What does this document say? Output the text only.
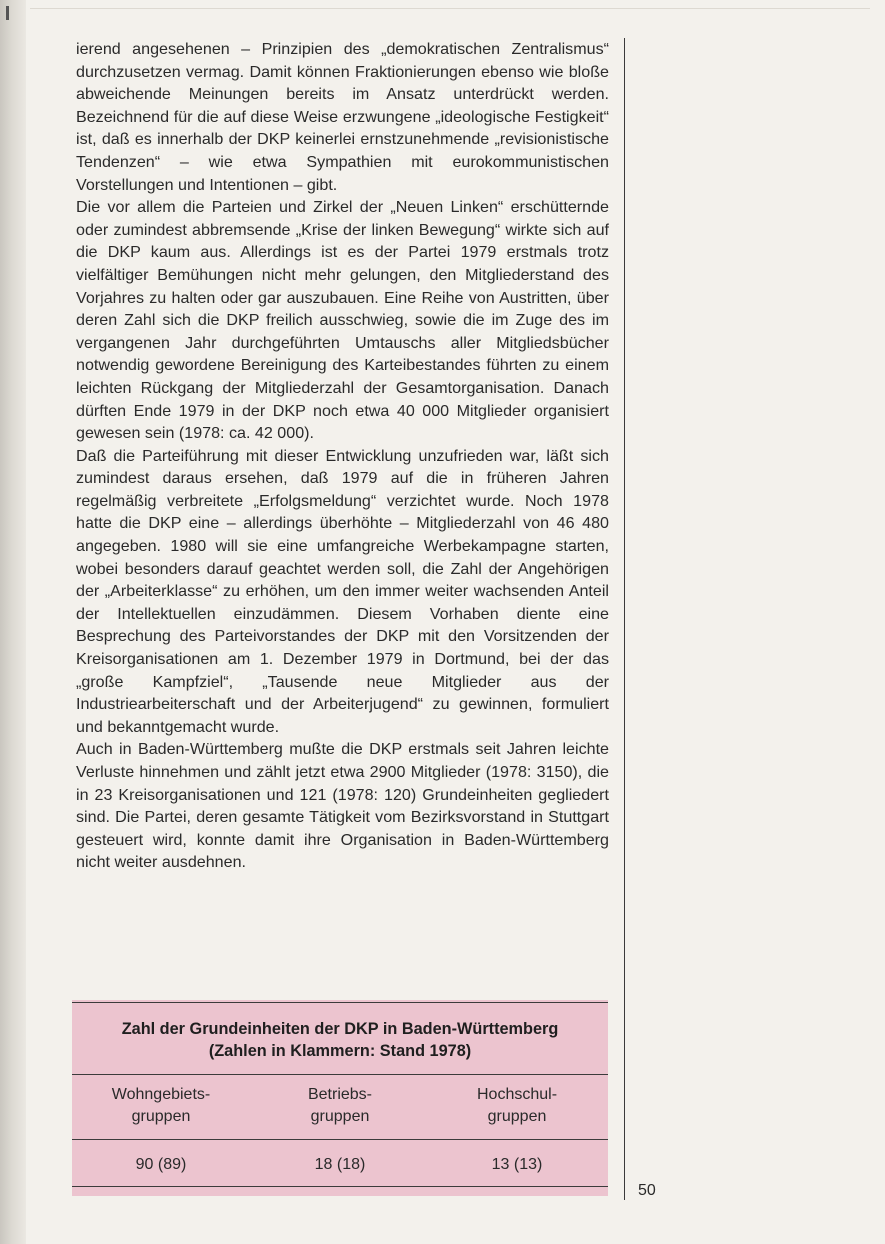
ierend angesehenen – Prinzipien des „demokratischen Zentralismus“ durchzusetzen vermag. Damit können Fraktionierungen ebenso wie bloße abweichende Meinungen bereits im Ansatz unterdrückt werden. Bezeichnend für die auf diese Weise erzwungene „ideologische Festigkeit“ ist, daß es innerhalb der DKP keinerlei ernstzunehmende „revisionistische Tendenzen“ – wie etwa Sympathien mit eurokommunistischen Vorstellungen und Intentionen – gibt.

Die vor allem die Parteien und Zirkel der „Neuen Linken“ erschütternde oder zumindest abbremsende „Krise der linken Bewegung“ wirkte sich auf die DKP kaum aus. Allerdings ist es der Partei 1979 erstmals trotz vielfältiger Bemühungen nicht mehr gelungen, den Mitgliederstand des Vorjahres zu halten oder gar auszubauen. Eine Reihe von Austritten, über deren Zahl sich die DKP freilich ausschwieg, sowie die im Zuge des im vergangenen Jahr durchgeführten Umtauschs aller Mitgliedsbücher notwendig gewordene Bereinigung des Karteibestandes führten zu einem leichten Rückgang der Mitgliederzahl der Gesamtorganisation. Danach dürften Ende 1979 in der DKP noch etwa 40 000 Mitglieder organisiert gewesen sein (1978: ca. 42 000).

Daß die Parteiführung mit dieser Entwicklung unzufrieden war, läßt sich zumindest daraus ersehen, daß 1979 auf die in früheren Jahren regelmäßig verbreitete „Erfolgsmeldung“ verzichtet wurde. Noch 1978 hatte die DKP eine – allerdings überhöhte – Mitgliederzahl von 46 480 angegeben. 1980 will sie eine umfangreiche Werbekampagne starten, wobei besonders darauf geachtet werden soll, die Zahl der Angehörigen der „Arbeiterklasse“ zu erhöhen, um den immer weiter wachsenden Anteil der Intellektuellen einzudämmen. Diesem Vorhaben diente eine Besprechung des Parteivorstandes der DKP mit den Vorsitzenden der Kreisorganisationen am 1. Dezember 1979 in Dortmund, bei der das „große Kampfziel“, „Tausende neue Mitglieder aus der Industriearbeiterschaft und der Arbeiterjugend“ zu gewinnen, formuliert und bekanntgemacht wurde.

Auch in Baden-Württemberg mußte die DKP erstmals seit Jahren leichte Verluste hinnehmen und zählt jetzt etwa 2900 Mitglieder (1978: 3150), die in 23 Kreisorganisationen und 121 (1978: 120) Grundeinheiten gegliedert sind. Die Partei, deren gesamte Tätigkeit vom Bezirksvorstand in Stuttgart gesteuert wird, konnte damit ihre Organisation in Baden-Württemberg nicht weiter ausdehnen.

Zahl der Grundeinheiten der DKP in Baden-Württemberg
(Zahlen in Klammern: Stand 1978)
Wohngebiets-
gruppen
Betriebs-
gruppen
Hochschul-
gruppen
90 (89)	18 (18)	13 (13)
50
